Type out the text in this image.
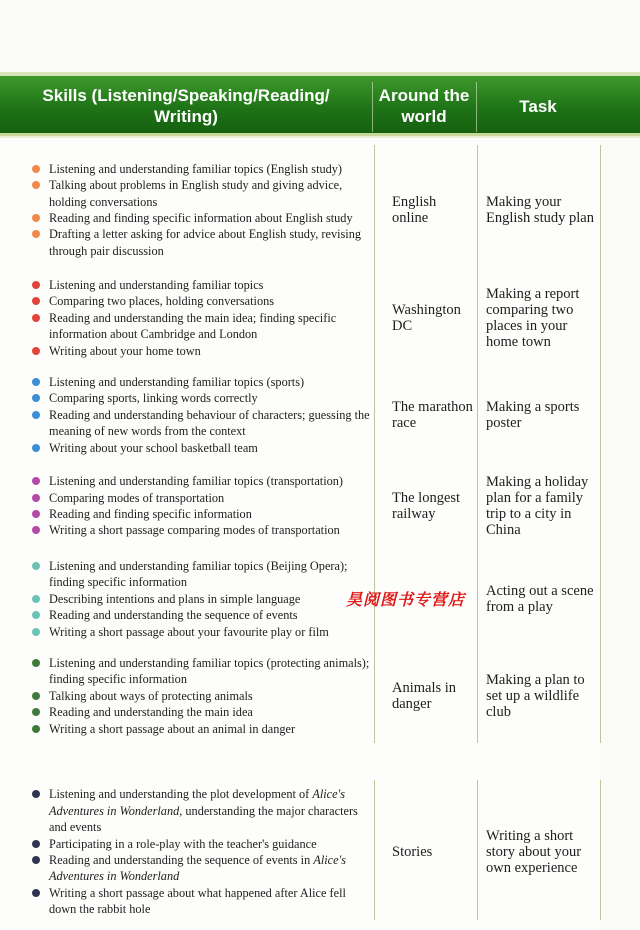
Skills (Listening/Speaking/Reading/ Writing)
Around the world
Task
Listening and understanding familiar topics (English study)
Talking about problems in English study and giving advice, holding conversations
Reading and finding specific information about English study
Drafting a letter asking for advice about English study, revising through pair discussion
English online
Making your English study plan
Listening and understanding familiar topics
Comparing two places, holding conversations
Reading and understanding the main idea; finding specific information about Cambridge and London
Writing about your home town
Washington DC
Making a report comparing two places in your home town
Listening and understanding familiar topics (sports)
Comparing sports, linking words correctly
Reading and understanding behaviour of characters; guessing the meaning of new words from the context
Writing about your school basketball team
The marathon race
Making a sports poster
Listening and understanding familiar topics (transportation)
Comparing modes of transportation
Reading and finding specific information
Writing a short passage comparing modes of transportation
The longest railway
Making a holiday plan for a family trip to a city in China
Listening and understanding familiar topics (Beijing Opera); finding specific information
Describing intentions and plans in simple language
Reading and understanding the sequence of events
Writing a short passage about your favourite play or film
Acting out a scene from a play
Listening and understanding familiar topics (protecting animals); finding specific information
Talking about ways of protecting animals
Reading and understanding the main idea
Writing a short passage about an animal in danger
Animals in danger
Making a plan to set up a wildlife club
Listening and understanding the plot development of Alice's Adventures in Wonderland, understanding the major characters and events
Participating in a role-play with the teacher's guidance
Reading and understanding the sequence of events in Alice's Adventures in Wonderland
Writing a short passage about what happened after Alice fell down the rabbit hole
Stories
Writing a short story about your own experience
昊阅图书专营店
